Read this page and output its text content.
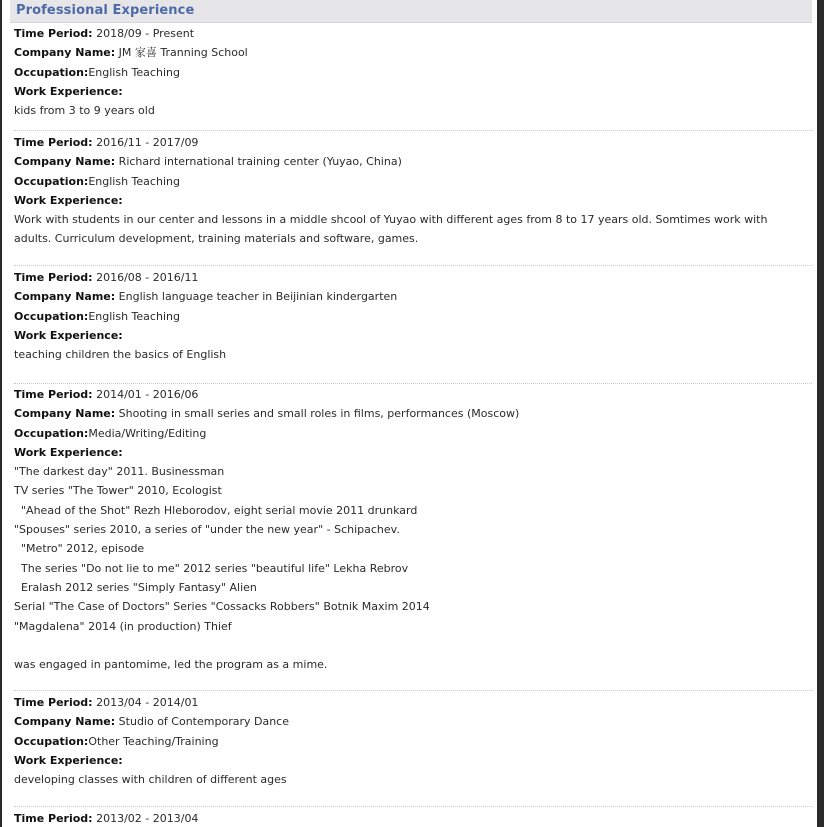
Professional Experience
Time Period: 2018/09 - Present
Company Name: JM 家喜 Tranning School
Occupation:English Teaching
Work Experience:

kids from 3 to 9 years old

Time Period: 2016/11 - 2017/09
Company Name: Richard international training center (Yuyao, China)
Occupation:English Teaching
Work Experience:

Work with students in our center and lessons in a middle shcool of Yuyao with different ages from 8 to 17 years old. Somtimes work with adults. Curriculum development, training materials and software, games.

Time Period: 2016/08 - 2016/11
Company Name: English language teacher in Beijinian kindergarten
Occupation:English Teaching
Work Experience:

teaching children the basics of English

Time Period: 2014/01 - 2016/06
Company Name: Shooting in small series and small roles in films, performances (Moscow)
Occupation:Media/Writing/Editing
Work Experience:

"The darkest day" 2011. Businessman
TV series "The Tower" 2010, Ecologist
"Ahead of the Shot" Rezh Hleborodov, eight serial movie 2011 drunkard
"Spouses" series 2010, a series of "under the new year" - Schipachev.
"Metro" 2012, episode
The series "Do not lie to me" 2012 series "beautiful life" Lekha Rebrov
Eralash 2012 series "Simply Fantasy" Alien
Serial "The Case of Doctors" Series "Cossacks Robbers" Botnik Maxim 2014
"Magdalena" 2014 (in production) Thief

was engaged in pantomime, led the program as a mime.

Time Period: 2013/04 - 2014/01
Company Name: Studio of Contemporary Dance
Occupation:Other Teaching/Training
Work Experience:

developing classes with children of different ages

Time Period: 2013/02 - 2013/04
